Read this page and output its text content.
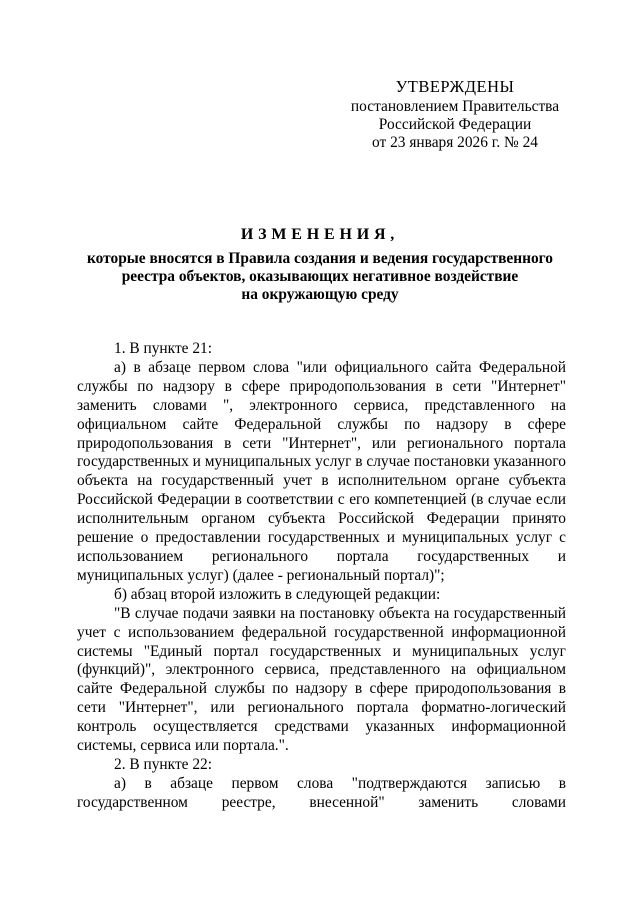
УТВЕРЖДЕНЫ
постановлением Правительства
Российской Федерации
от 23 января 2026 г. № 24
ИЗМЕНЕНИЯ,
которые вносятся в Правила создания и ведения государственного
реестра объектов, оказывающих негативное воздействие
на окружающую среду

1. В пункте 21:

а) в абзаце первом слова "или официального сайта Федеральной службы по надзору в сфере природопользования в сети "Интернет" заменить словами ", электронного сервиса, представленного на официальном сайте Федеральной службы по надзору в сфере природопользования в сети "Интернет", или регионального портала государственных и муниципальных услуг в случае постановки указанного объекта на государственный учет в исполнительном органе субъекта Российской Федерации в соответствии с его компетенцией (в случае если исполнительным органом субъекта Российской Федерации принято решение о предоставлении государственных и муниципальных услуг с использованием регионального портала государственных и муниципальных услуг) (далее - региональный портал)";

б) абзац второй изложить в следующей редакции:

"В случае подачи заявки на постановку объекта на государственный учет с использованием федеральной государственной информационной системы "Единый портал государственных и муниципальных услуг (функций)", электронного сервиса, представленного на официальном сайте Федеральной службы по надзору в сфере природопользования в сети "Интернет", или регионального портала форматно-логический контроль осуществляется средствами указанных информационной системы, сервиса или портала.".

2. В пункте 22:

а) в абзаце первом слова "подтверждаются записью в государственном реестре, внесенной" заменить словами
